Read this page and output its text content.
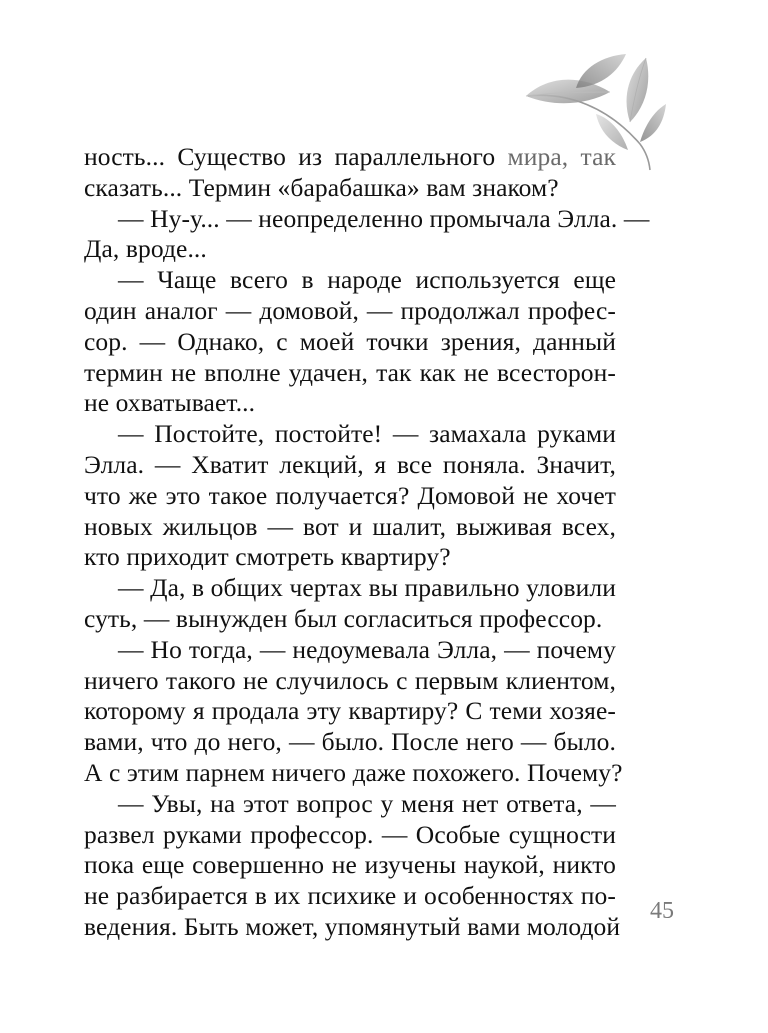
ность... Существо из параллельного мира, так
сказать... Термин «барабашка» вам знаком?
— Ну-у... — неопределенно промычала Элла. —
Да, вроде...
— Чаще всего в народе используется еще
один аналог — домовой, — продолжал профес-
сор. — Однако, с моей точки зрения, данный
термин не вполне удачен, так как не всесторон-
не охватывает...
— Постойте, постойте! — замахала руками
Элла. — Хватит лекций, я все поняла. Значит,
что же это такое получается? Домовой не хочет
новых жильцов — вот и шалит, выживая всех,
кто приходит смотреть квартиру?
— Да, в общих чертах вы правильно уловили
суть, — вынужден был согласиться профессор.
— Но тогда, — недоумевала Элла, — почему
ничего такого не случилось с первым клиентом,
которому я продала эту квартиру? С теми хозяе-
вами, что до него, — было. После него — было.
А с этим парнем ничего даже похожего. Почему?
— Увы, на этот вопрос у меня нет ответа, —
развел руками профессор. — Особые сущности
пока еще совершенно не изучены наукой, никто
не разбирается в их психике и особенностях по-
ведения. Быть может, упомянутый вами молодой
45
